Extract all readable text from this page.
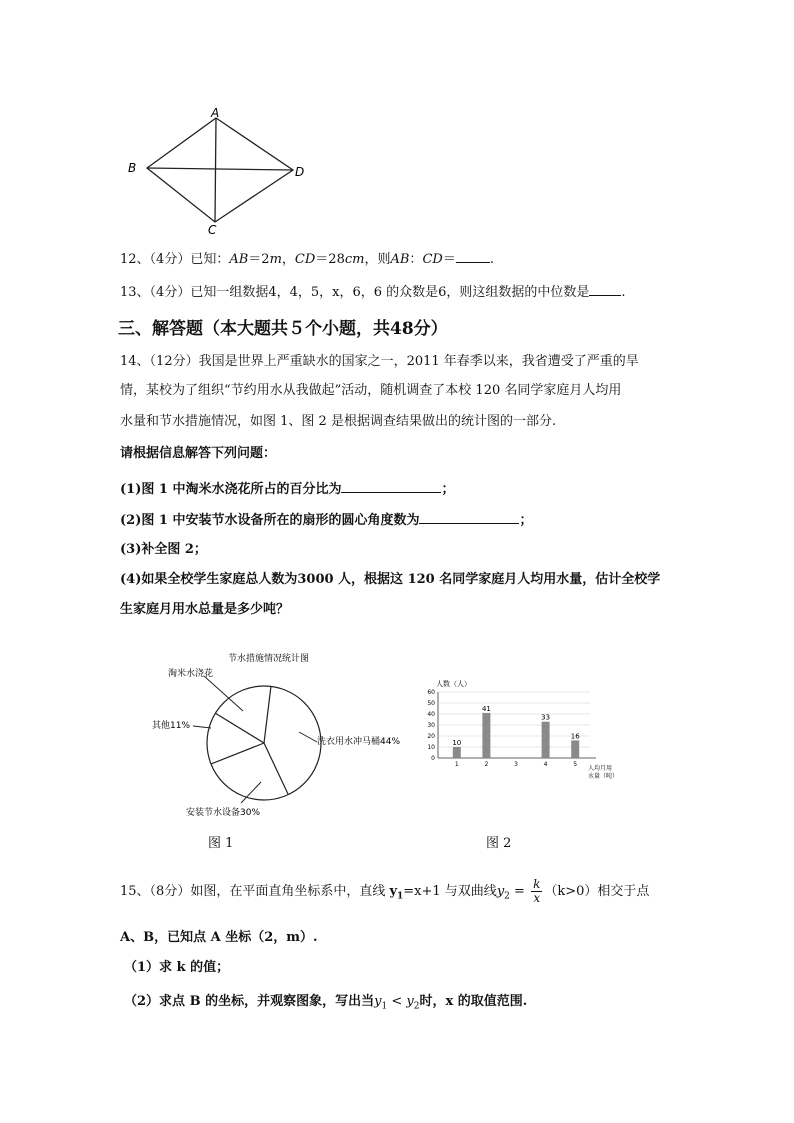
A
B
C
D
12、（4分）已知：AB＝2m，CD＝28cm，则AB：CD＝	.
13、（4分）已知一组数据4，4，5，x，6，6 的众数是6，则这组数据的中位数是 .
三、解答题（本大题共５个小题，共48分）
14、（12分）我国是世界上严重缺水的国家之一，2011 年春季以来，我省遭受了严重的旱
情，某校为了组织“节约用水从我做起”活动，随机调查了本校 120 名同学家庭月人均用
水量和节水措施情况，如图 1、图 2 是根据调查结果做出的统计图的一部分.
请根据信息解答下列问题：
(1)图 1 中淘米水浇花所占的百分比为	；
(2)图 1 中安装节水设备所在的扇形的圆心角度数为	；
(3)补全图 2；
(4)如果全校学生家庭总人数为3000 人，根据这 120 名同学家庭月人均用水量，估计全校学
生家庭月用水总量是多少吨？
节水措施情况统计图
淘米水浇花
其他11%
洗衣用水冲马桶44%
安装节水设备30%
图 1
人数（人）
0
10
20
30
40
50
60
1
10
2
41
3	4
33
5
16
人均月用
水量（吨）
图 2
15、（8分）如图，在平面直角坐标系中，直线 $y_1=x+1$ 与双曲线$y_2 = \frac{k}{x} (k>0)$相交于点
A、B，已知点 A 坐标（2，m）.
（1）求 k 的值；
（2）求点 B 的坐标，并观察图象，写出当$y_1 < y_2$时，x 的取值范围.
